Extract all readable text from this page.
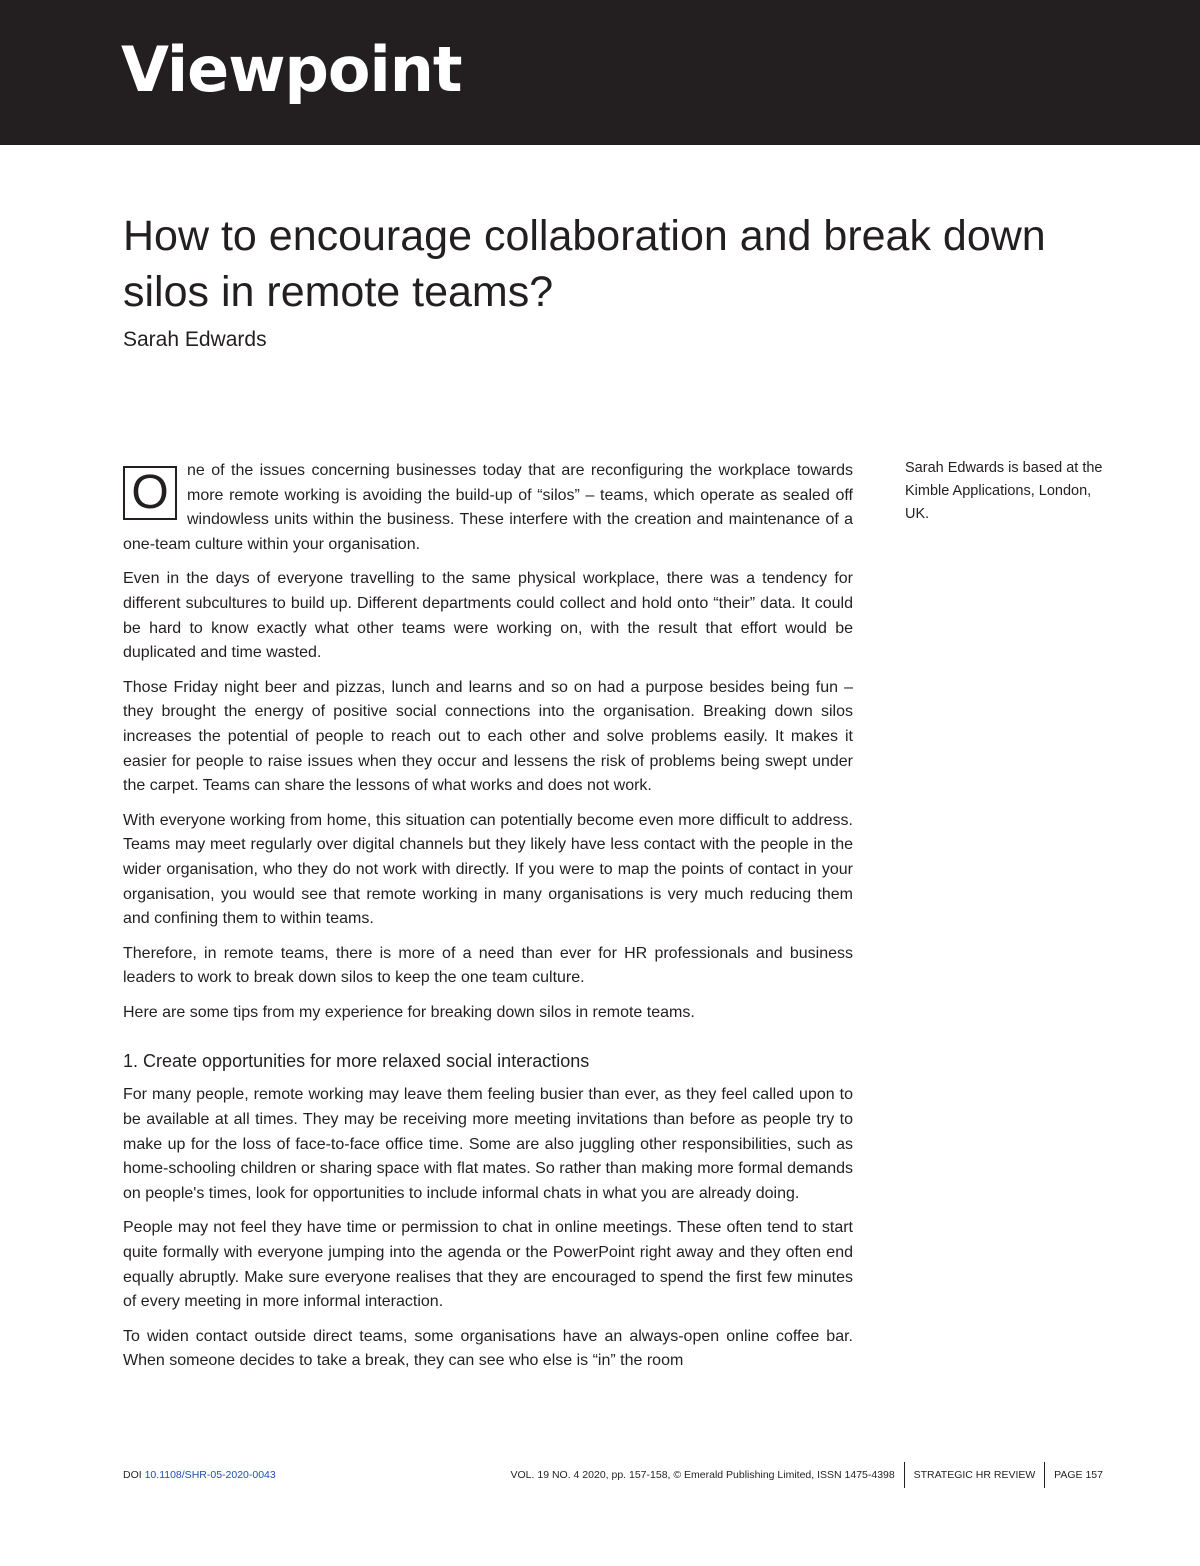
Viewpoint
How to encourage collaboration and break down silos in remote teams?
Sarah Edwards
Sarah Edwards is based at the Kimble Applications, London, UK.

O	ne of the issues concerning businesses today that are reconfiguring the workplace towards more remote working is avoiding the build-up of “silos” – teams, which operate as sealed off windowless units within the business. These interfere with the creation and maintenance of a one-team culture within your organisation.

Even in the days of everyone travelling to the same physical workplace, there was a tendency for different subcultures to build up. Different departments could collect and hold onto “their” data. It could be hard to know exactly what other teams were working on, with the result that effort would be duplicated and time wasted.

Those Friday night beer and pizzas, lunch and learns and so on had a purpose besides being fun – they brought the energy of positive social connections into the organisation. Breaking down silos increases the potential of people to reach out to each other and solve problems easily. It makes it easier for people to raise issues when they occur and lessens the risk of problems being swept under the carpet. Teams can share the lessons of what works and does not work.

With everyone working from home, this situation can potentially become even more difficult to address. Teams may meet regularly over digital channels but they likely have less contact with the people in the wider organisation, who they do not work with directly. If you were to map the points of contact in your organisation, you would see that remote working in many organisations is very much reducing them and confining them to within teams.

Therefore, in remote teams, there is more of a need than ever for HR professionals and business leaders to work to break down silos to keep the one team culture.

Here are some tips from my experience for breaking down silos in remote teams.

1. Create opportunities for more relaxed social interactions

For many people, remote working may leave them feeling busier than ever, as they feel called upon to be available at all times. They may be receiving more meeting invitations than before as people try to make up for the loss of face-to-face office time. Some are also juggling other responsibilities, such as home-schooling children or sharing space with flat mates. So rather than making more formal demands on people's times, look for opportunities to include informal chats in what you are already doing.

People may not feel they have time or permission to chat in online meetings. These often tend to start quite formally with everyone jumping into the agenda or the PowerPoint right away and they often end equally abruptly. Make sure everyone realises that they are encouraged to spend the first few minutes of every meeting in more informal interaction.

To widen contact outside direct teams, some organisations have an always-open online coffee bar. When someone decides to take a break, they can see who else is “in” the room

DOI 10.1108/SHR-05-2020-0043	VOL. 19 NO. 4 2020, pp. 157-158, © Emerald Publishing Limited, ISSN 1475-4398 STRATEGIC HR REVIEW PAGE 157
